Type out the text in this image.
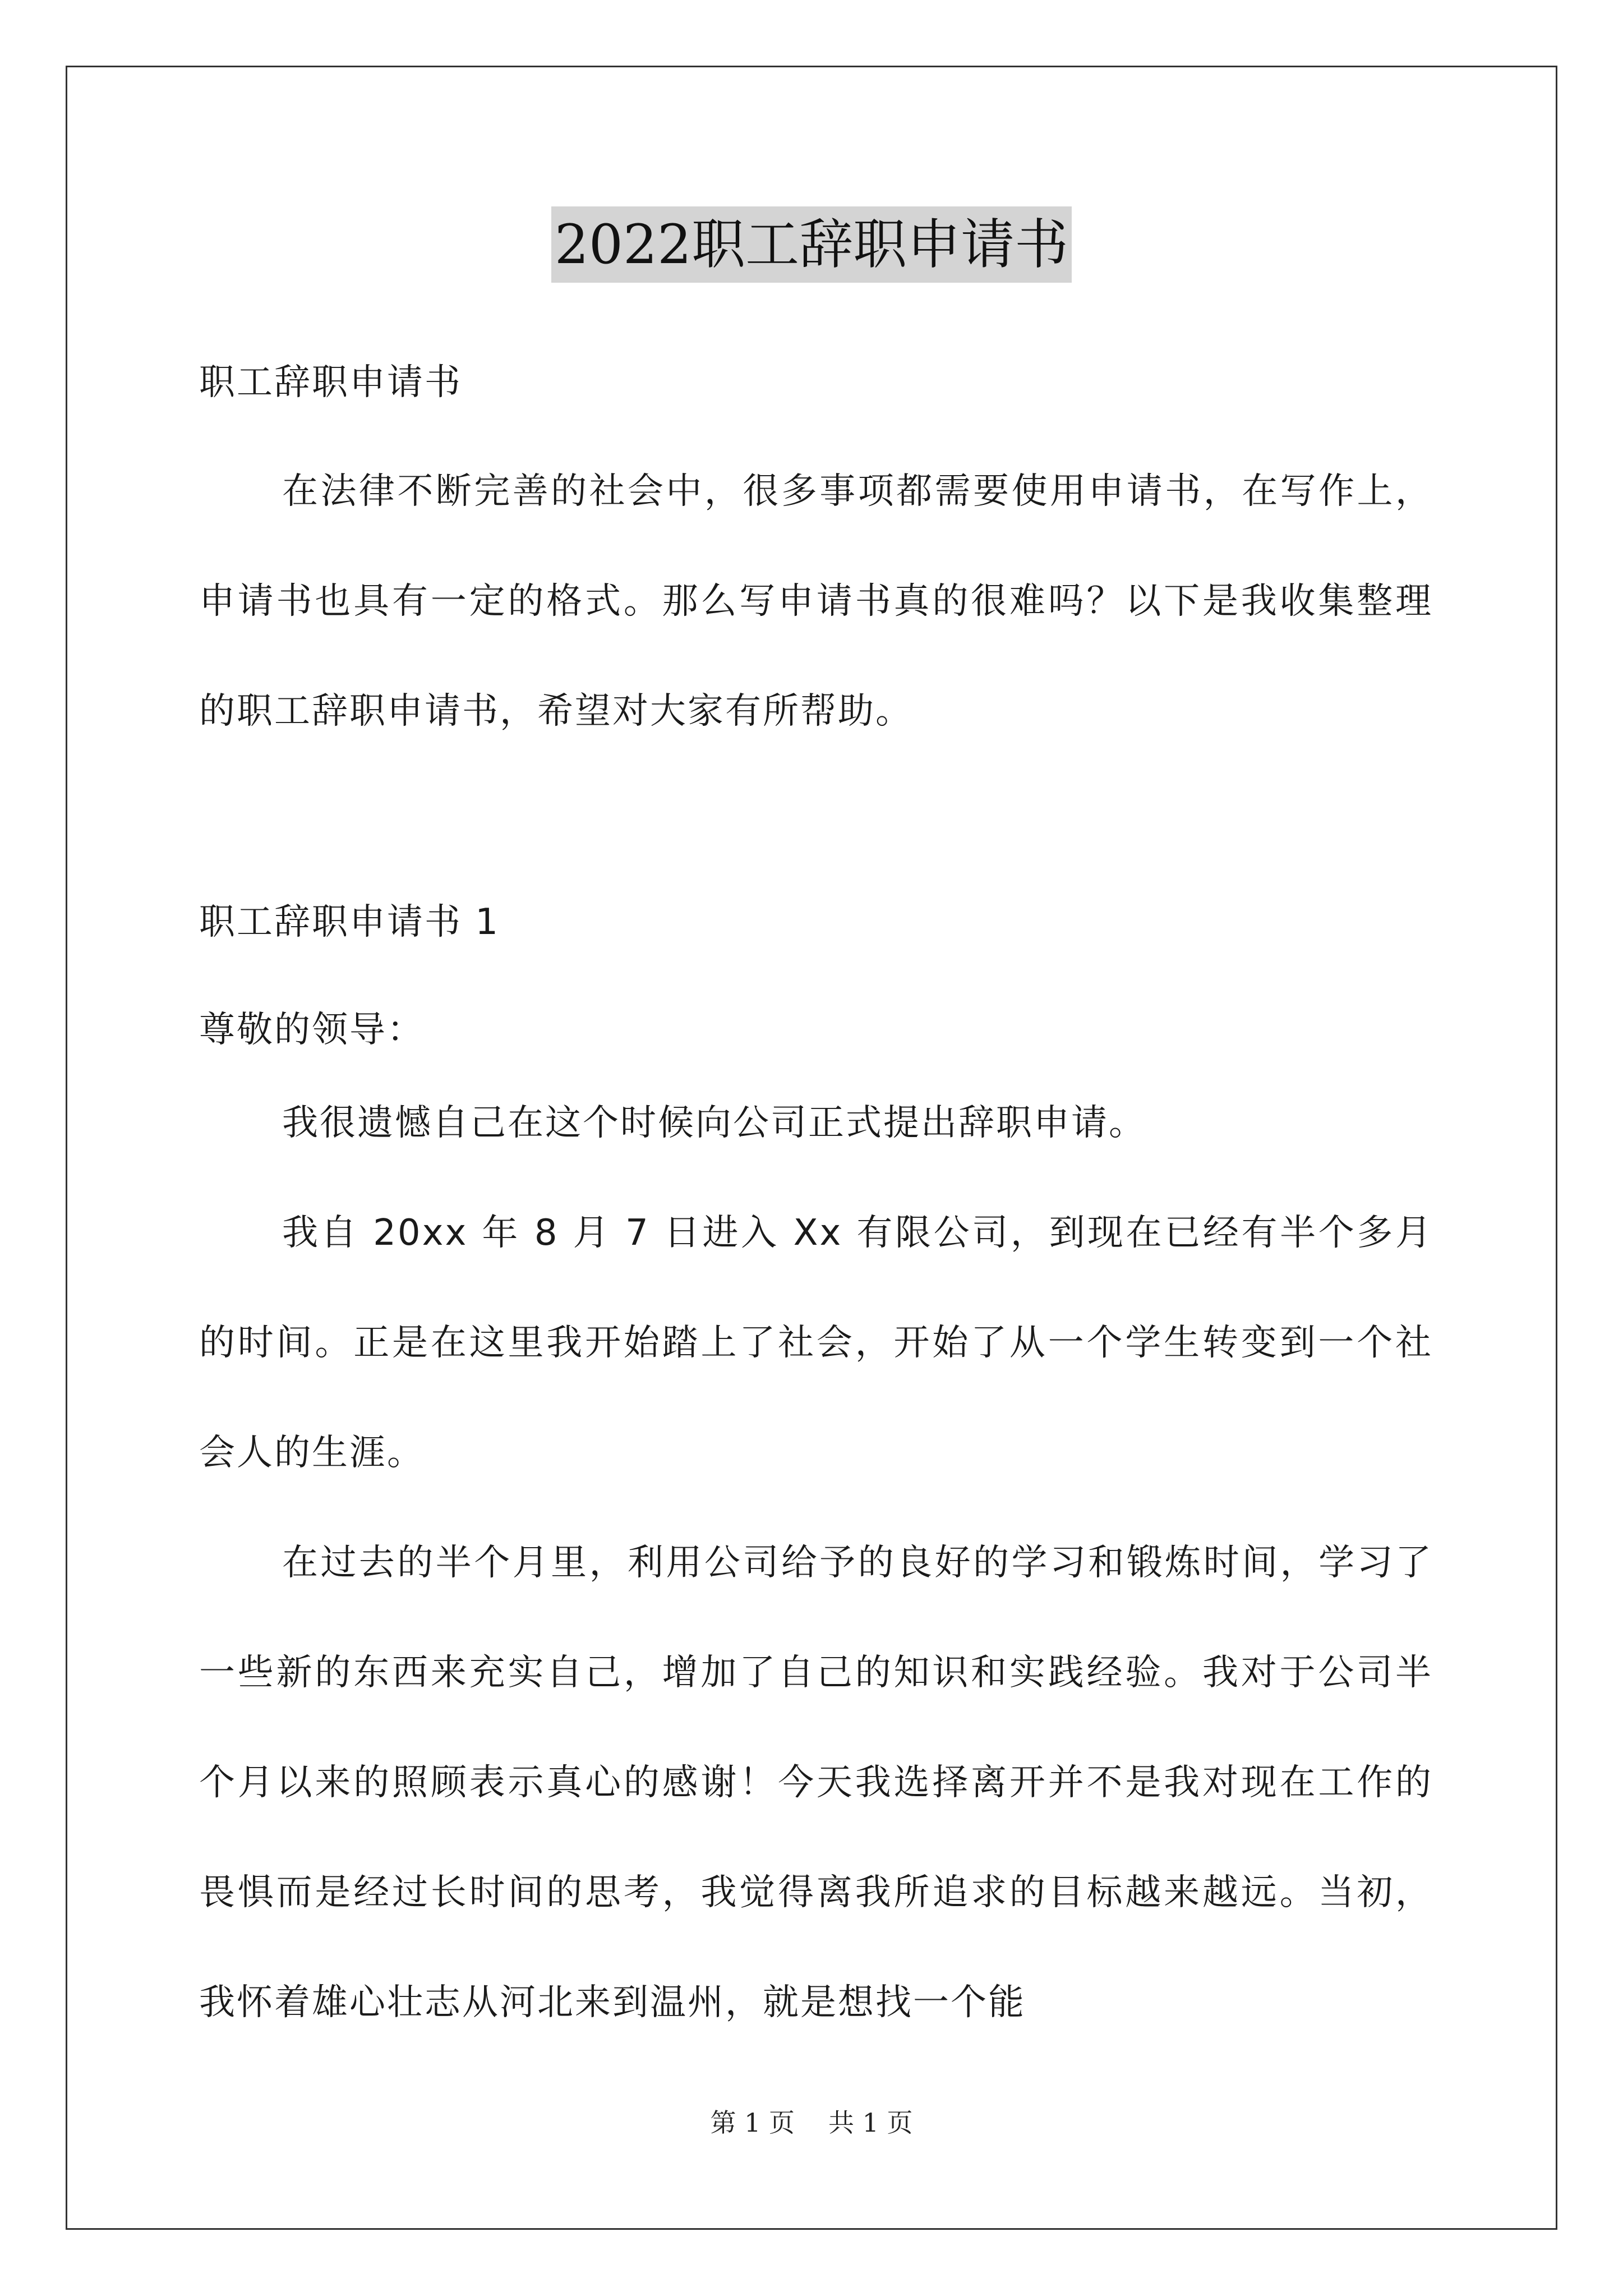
2022职工辞职申请书
职工辞职申请书
在法律不断完善的社会中，很多事项都需要使用申请书，在写作上，申请书也具有一定的格式。那么写申请书真的很难吗？以下是我收集整理的职工辞职申请书，希望对大家有所帮助。
职工辞职申请书 1
尊敬的领导：
我很遗憾自己在这个时候向公司正式提出辞职申请。
我自 20xx 年 8 月 7 日进入 Xx 有限公司，到现在已经有半个多月的时间。正是在这里我开始踏上了社会，开始了从一个学生转变到一个社会人的生涯。
在过去的半个月里，利用公司给予的良好的学习和锻炼时间，学习了一些新的东西来充实自己，增加了自己的知识和实践经验。我对于公司半个月以来的照顾表示真心的感谢！今天我选择离开并不是我对现在工作的畏惧而是经过长时间的思考，我觉得离我所追求的目标越来越远。当初，我怀着雄心壮志从河北来到温州，就是想找一个能
第 1 页 共 1 页
